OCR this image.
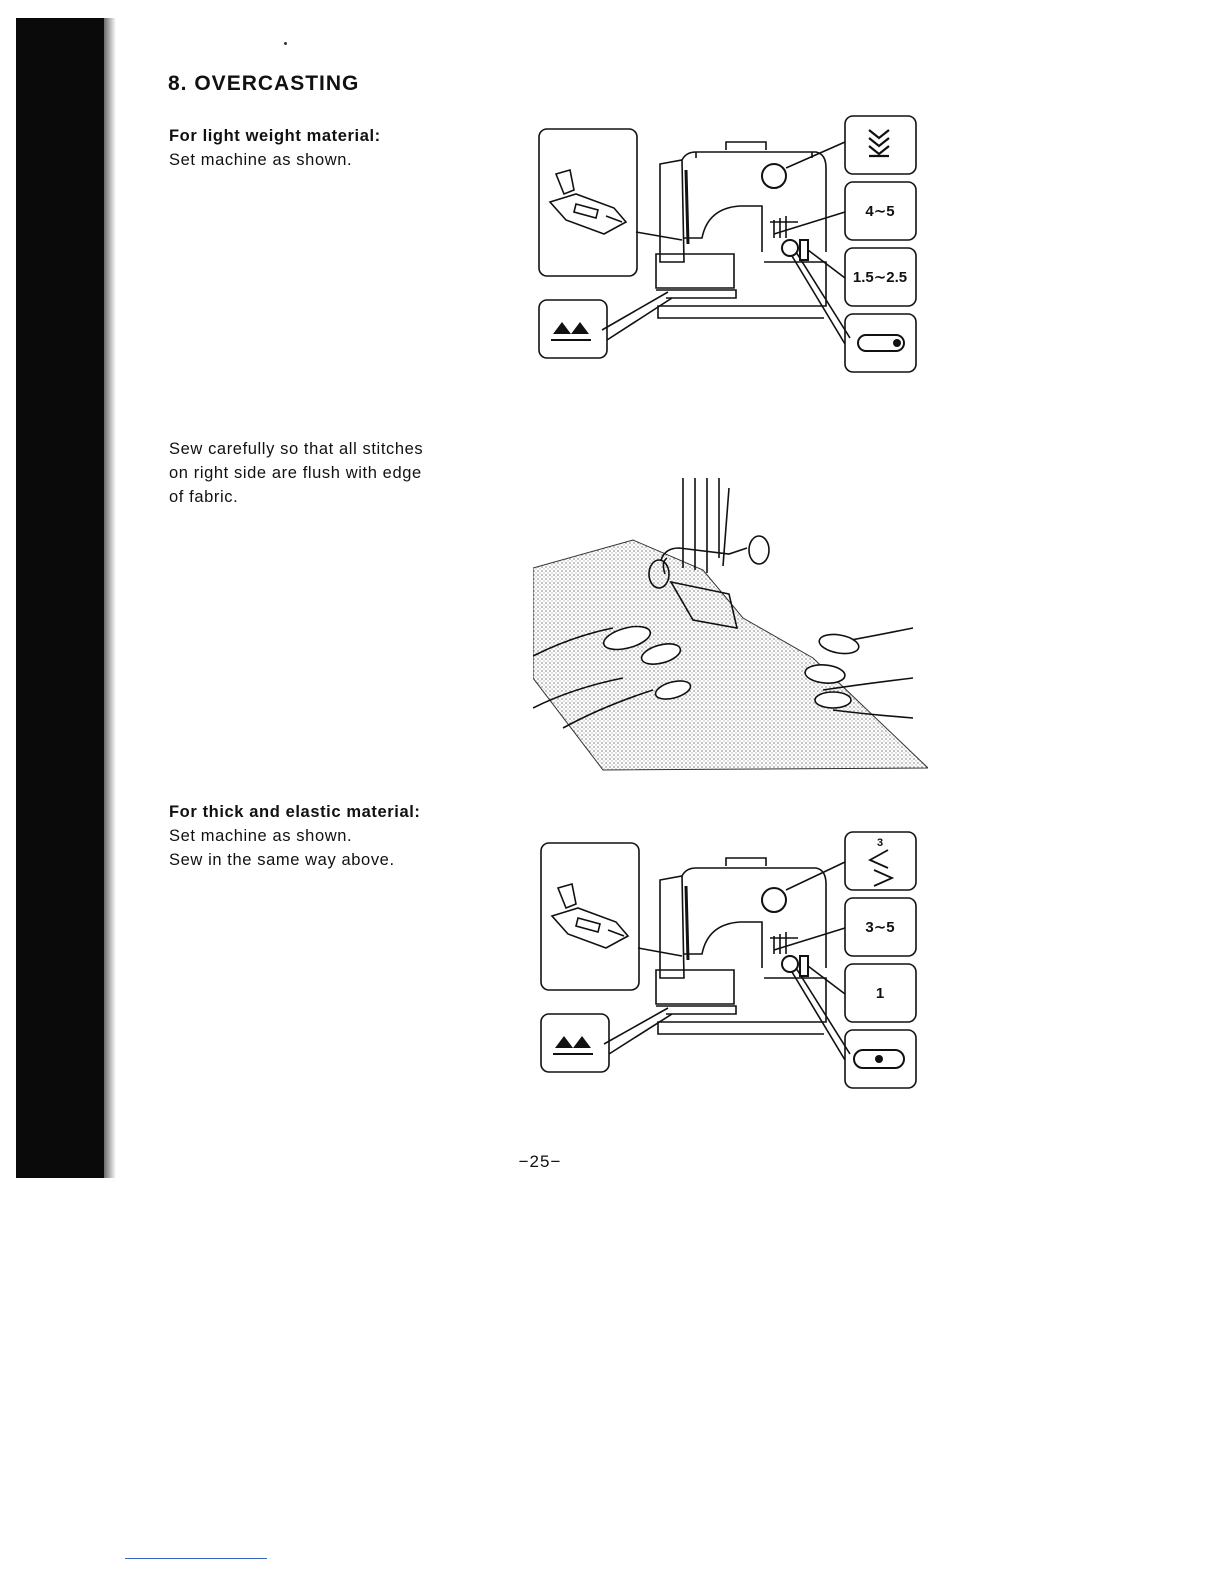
8. OVERCASTING

For light weight material:

Set machine as shown.

Sew carefully so that all stitches

on right side are flush with edge

of fabric.

For thick and elastic material:

Set machine as shown.

Sew in the same way above.

4∼5
1.5∼2.5
3
3∼5
1
−25−
